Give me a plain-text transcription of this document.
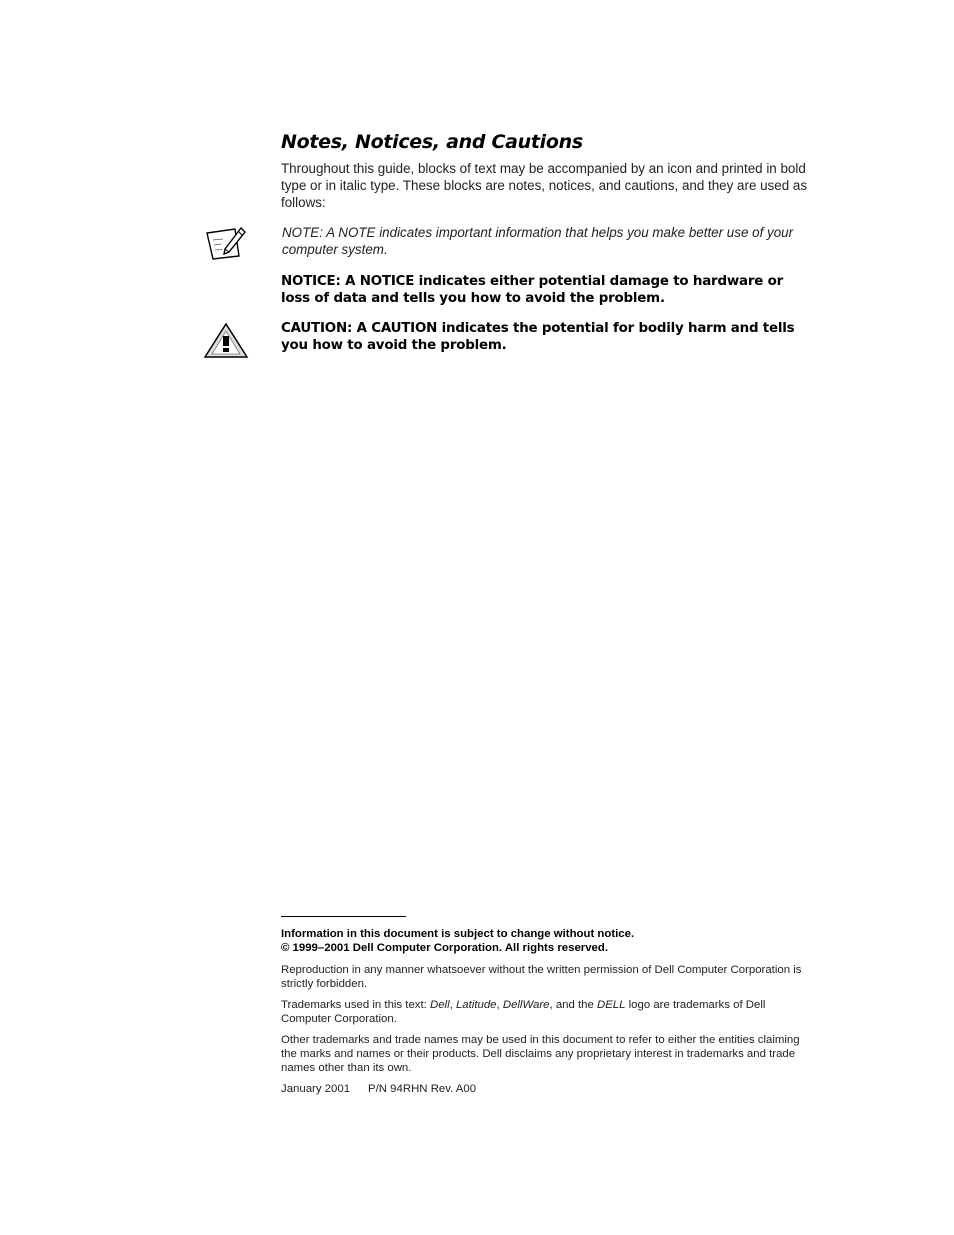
Notes, Notices, and Cautions

Throughout this guide, blocks of text may be accompanied by an icon and printed in bold type or in italic type. These blocks are notes, notices, and cautions, and they are used as follows:

NOTE: A NOTE indicates important information that helps you make better use of your computer system.

NOTICE: A NOTICE indicates either potential damage to hardware or loss of data and tells you how to avoid the problem.

CAUTION: A CAUTION indicates the potential for bodily harm and tells you how to avoid the problem.

Information in this document is subject to change without notice.
© 1999–2001 Dell Computer Corporation. All rights reserved.

Reproduction in any manner whatsoever without the written permission of Dell Computer Corporation is strictly forbidden.

Trademarks used in this text: Dell, Latitude, DellWare, and the DELL logo are trademarks of Dell Computer Corporation.

Other trademarks and trade names may be used in this document to refer to either the entities claiming the marks and names or their products. Dell disclaims any proprietary interest in trademarks and trade names other than its own.

January 2001 P/N 94RHN Rev. A00
